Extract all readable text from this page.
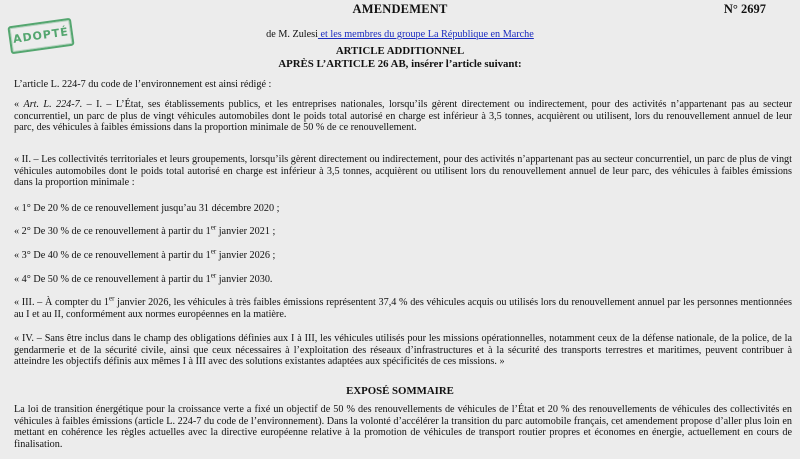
ADOPTÉ
AMENDEMENT	N° 2697
de M. Zulesi et les membres du groupe La République en Marche
ARTICLE ADDITIONNEL
APRÈS L’ARTICLE 26 AB, insérer l’article suivant:
L’article L. 224-7 du code de l’environnement est ainsi rédigé :
« Art. L. 224-7. – I. – L’État, ses établissements publics, et les entreprises nationales, lorsqu’ils gèrent directement ou indirectement, pour des activités n’appartenant pas au secteur concurrentiel, un parc de plus de vingt véhicules automobiles dont le poids total autorisé en charge est inférieur à 3,5 tonnes, acquièrent ou utilisent, lors du renouvellement annuel de leur parc, des véhicules à faibles émissions dans la proportion minimale de 50 % de ce renouvellement.
« II. – Les collectivités territoriales et leurs groupements, lorsqu’ils gèrent directement ou indirectement, pour des activités n’appartenant pas au secteur concurrentiel, un parc de plus de vingt véhicules automobiles dont le poids total autorisé en charge est inférieur à 3,5 tonnes, acquièrent ou utilisent lors du renouvellement annuel de leur parc, des véhicules à faibles émissions dans la proportion minimale :
« 1° De 20 % de ce renouvellement jusqu’au 31 décembre 2020 ;
« 2° De 30 % de ce renouvellement à partir du 1er janvier 2021 ;
« 3° De 40 % de ce renouvellement à partir du 1er janvier 2026 ;
« 4° De 50 % de ce renouvellement à partir du 1er janvier 2030.
« III. – À compter du 1er janvier 2026, les véhicules à très faibles émissions représentent 37,4 % des véhicules acquis ou utilisés lors du renouvellement annuel par les personnes mentionnées au I et au II, conformément aux normes européennes en la matière.
« IV. – Sans être inclus dans le champ des obligations définies aux I à III, les véhicules utilisés pour les missions opérationnelles, notamment ceux de la défense nationale, de la police, de la gendarmerie et de la sécurité civile, ainsi que ceux nécessaires à l’exploitation des réseaux d’infrastructures et à la sécurité des transports terrestres et maritimes, peuvent contribuer à atteindre les objectifs définis aux mêmes I à III avec des solutions existantes adaptées aux spécificités de ces missions. »
EXPOSÉ SOMMAIRE
La loi de transition énergétique pour la croissance verte a fixé un objectif de 50 % des renouvellements de véhicules de l’État et 20 % des renouvellements de véhicules des collectivités en véhicules à faibles émissions (article L. 224-7 du code de l’environnement). Dans la volonté d’accélérer la transition du parc automobile français, cet amendement propose d’aller plus loin en mettant en cohérence les règles actuelles avec la directive européenne relative à la promotion de véhicules de transport routier propres et économes en énergie, actuellement en cours de finalisation.
